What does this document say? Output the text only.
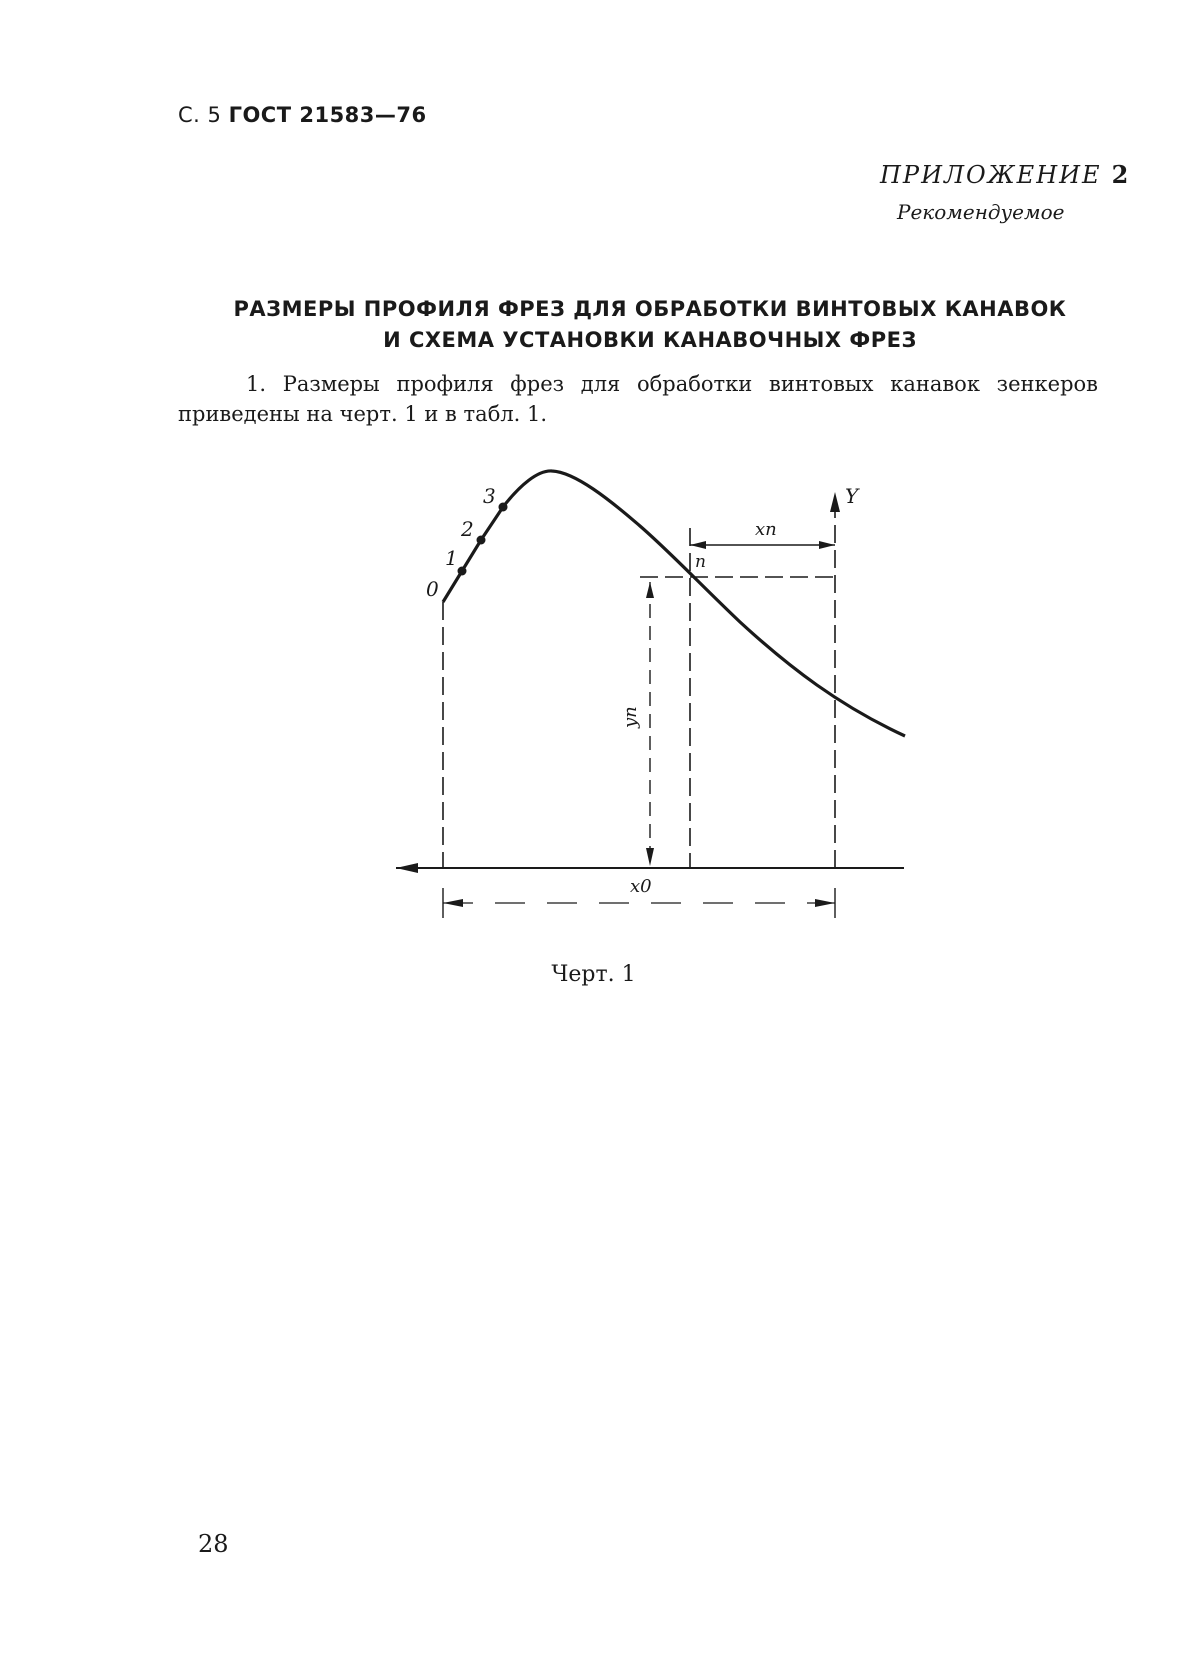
С. 5 ГОСТ 21583—76
ПРИЛОЖЕНИЕ 2
Рекомендуемое
РАЗМЕРЫ ПРОФИЛЯ ФРЕЗ ДЛЯ ОБРАБОТКИ ВИНТОВЫХ КАНАВОК
И СХЕМА УСТАНОВКИ КАНАВОЧНЫХ ФРЕЗ
1. Размеры профиля фрез для обработки винтовых канавок зенкеров приведены на черт. 1 и в табл. 1.
0
1
2
3
n
Y
xn
yn
x0
Черт. 1
28
